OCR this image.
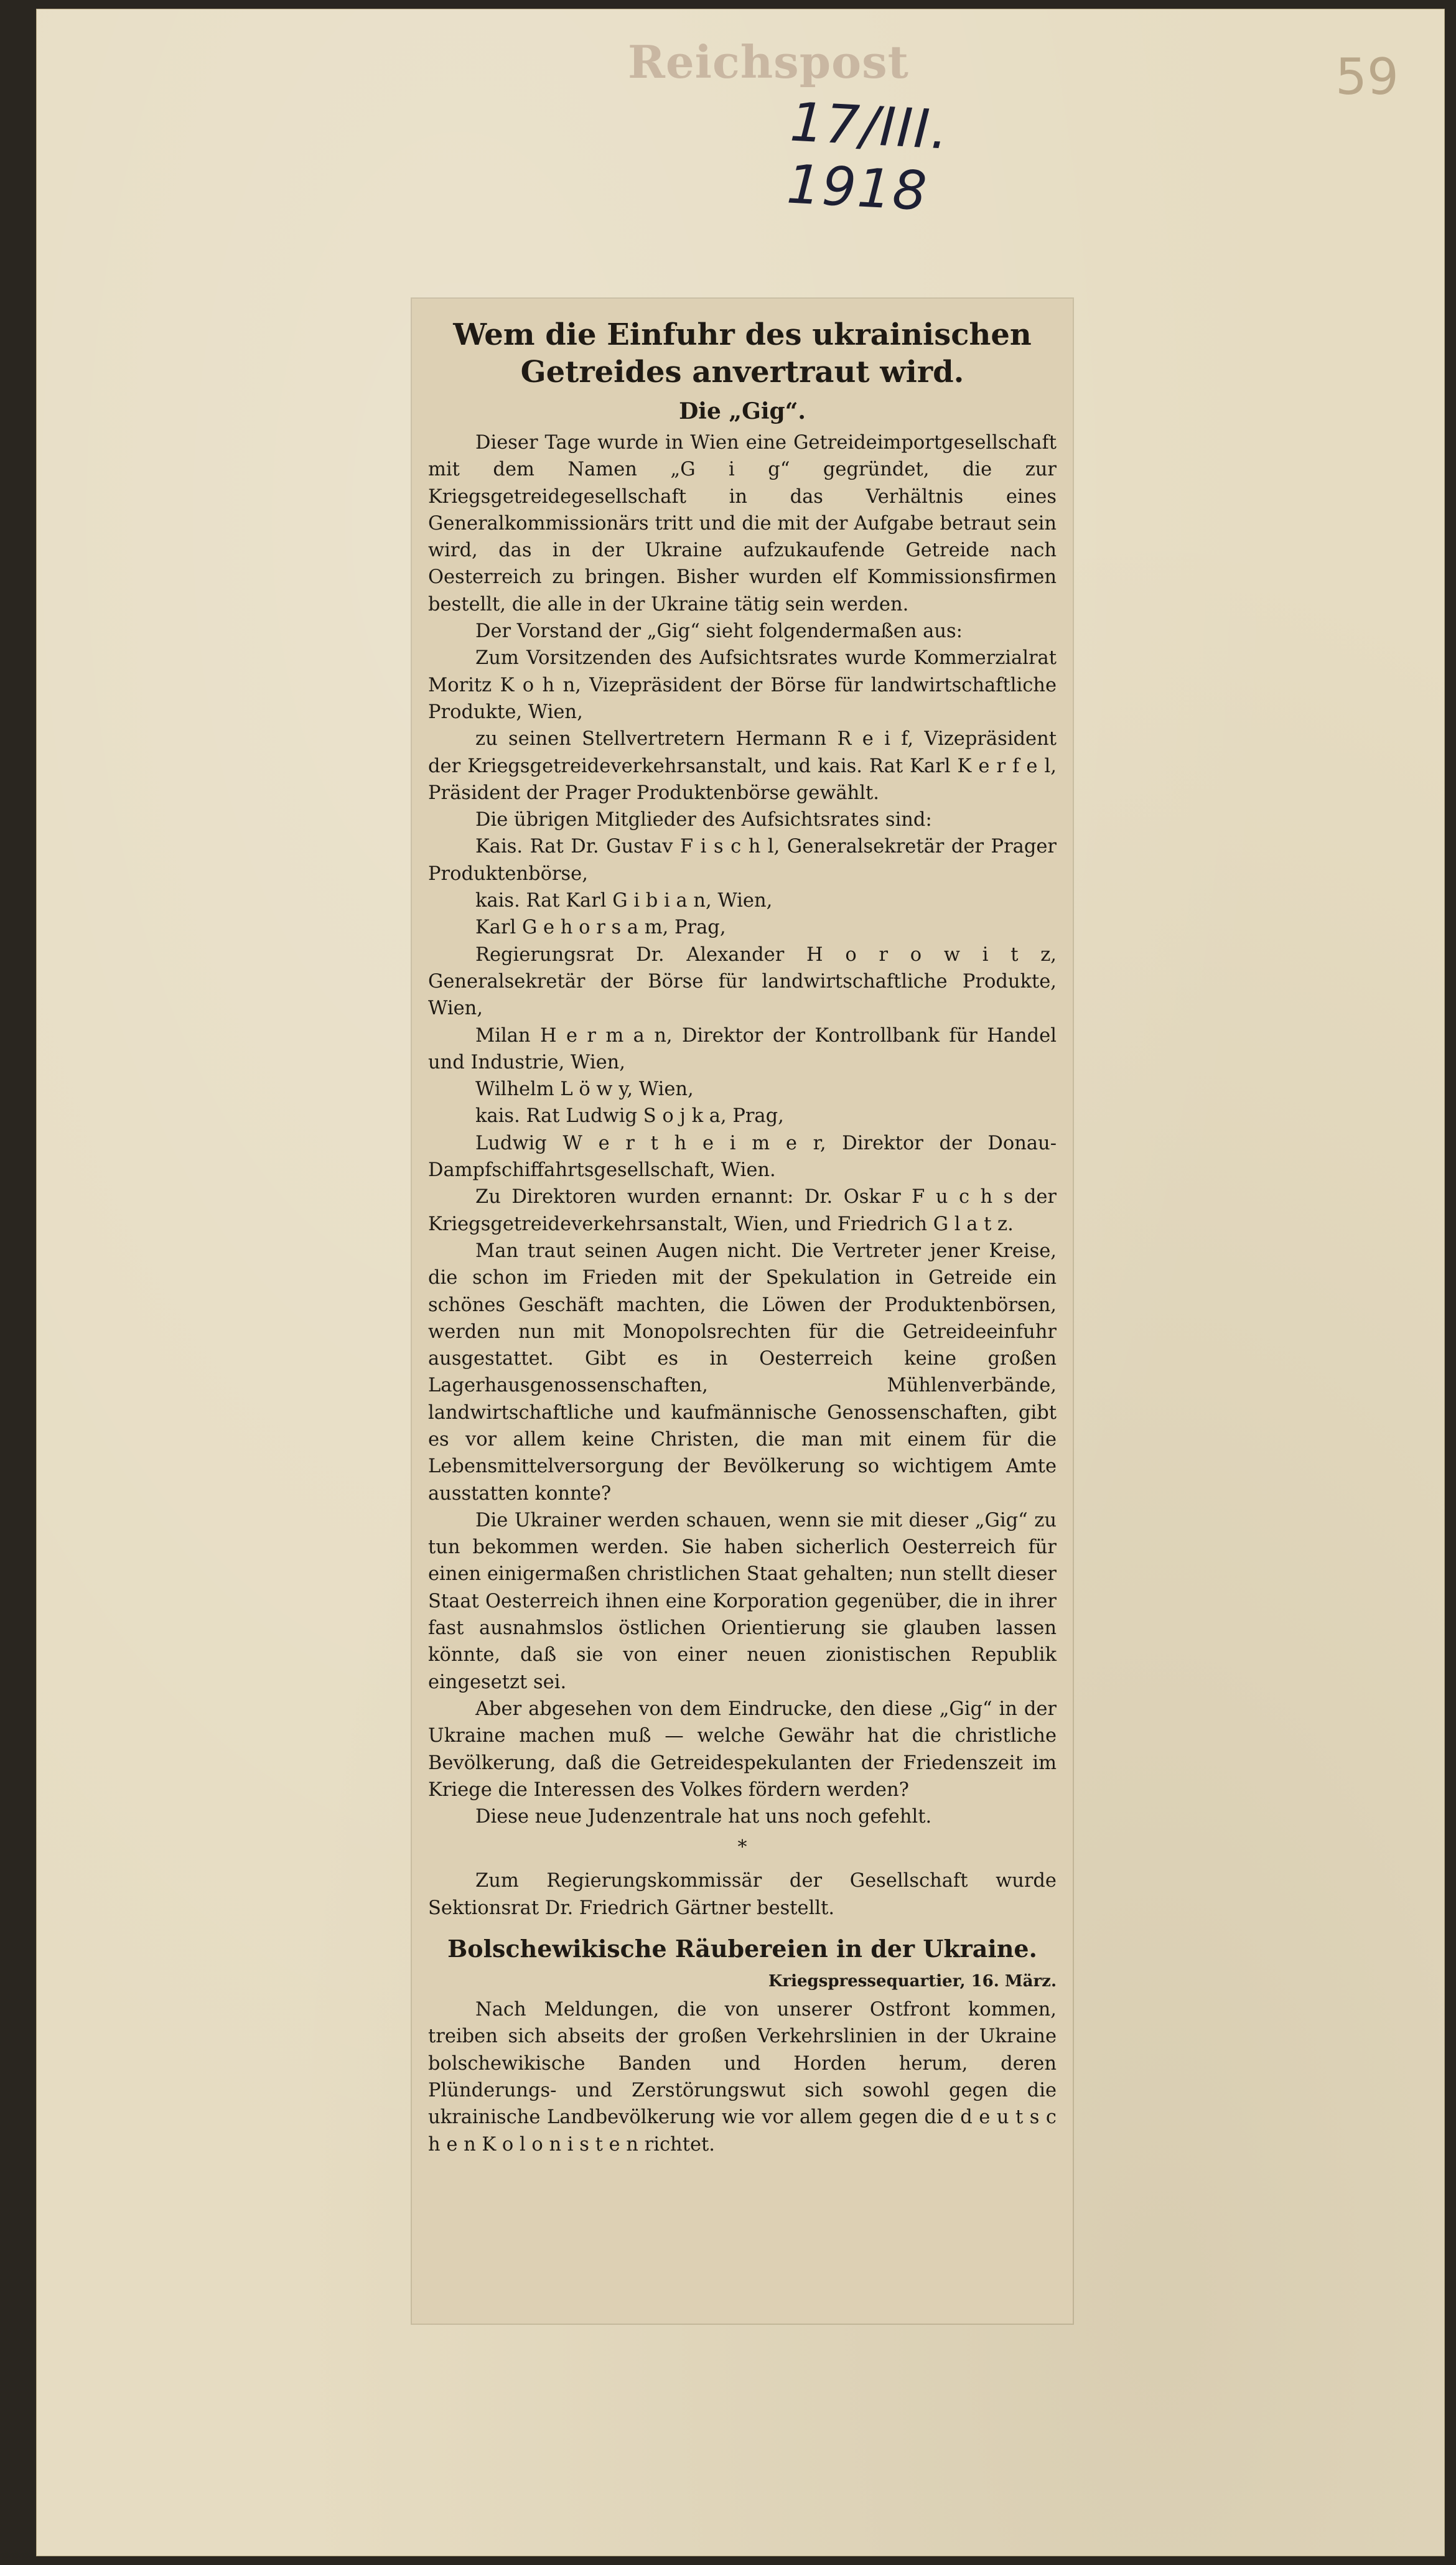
Reichspost
17/III. 1918
59
Wem die Einfuhr des ukrainischen Getreides anvertraut wird.
Die „Gig“.

Dieser Tage wurde in Wien eine Getreideimportgesellschaft mit dem Namen „G i g“ gegründet, die zur Kriegsgetreidegesellschaft in das Verhältnis eines Generalkommissionärs tritt und die mit der Aufgabe betraut sein wird, das in der Ukraine aufzukaufende Getreide nach Oesterreich zu bringen. Bisher wurden elf Kommissionsfirmen bestellt, die alle in der Ukraine tätig sein werden.

Der Vorstand der „Gig“ sieht folgendermaßen aus:

Zum Vorsitzenden des Aufsichtsrates wurde Kommerzialrat Moritz K o h n, Vizepräsident der Börse für landwirtschaftliche Produkte, Wien,

zu seinen Stellvertretern Hermann R e i f, Vizepräsident der Kriegsgetreideverkehrsanstalt, und kais. Rat Karl K e r f e l, Präsident der Prager Produktenbörse gewählt.

Die übrigen Mitglieder des Aufsichtsrates sind:

Kais. Rat Dr. Gustav F i s c h l, Generalsekretär der Prager Produktenbörse,

kais. Rat Karl G i b i a n, Wien,

Karl G e h o r s a m, Prag,

Regierungsrat Dr. Alexander H o r o w i t z, Generalsekretär der Börse für landwirtschaftliche Produkte, Wien,

Milan H e r m a n, Direktor der Kontrollbank für Handel und Industrie, Wien,

Wilhelm L ö w y, Wien,

kais. Rat Ludwig S o j k a, Prag,

Ludwig W e r t h e i m e r, Direktor der Donau-Dampfschiffahrtsgesellschaft, Wien.

Zu Direktoren wurden ernannt: Dr. Oskar F u c h s der Kriegsgetreideverkehrsanstalt, Wien, und Friedrich G l a t z.

Man traut seinen Augen nicht. Die Vertreter jener Kreise, die schon im Frieden mit der Spekulation in Getreide ein schönes Geschäft machten, die Löwen der Produktenbörsen, werden nun mit Monopolsrechten für die Getreideeinfuhr ausgestattet. Gibt es in Oesterreich keine großen Lagerhausgenossenschaften, Mühlenverbände, landwirtschaftliche und kaufmännische Genossenschaften, gibt es vor allem keine Christen, die man mit einem für die Lebensmittelversorgung der Bevölkerung so wichtigem Amte ausstatten konnte?

Die Ukrainer werden schauen, wenn sie mit dieser „Gig“ zu tun bekommen werden. Sie haben sicherlich Oesterreich für einen einigermaßen christlichen Staat gehalten; nun stellt dieser Staat Oesterreich ihnen eine Korporation gegenüber, die in ihrer fast ausnahmslos östlichen Orientierung sie glauben lassen könnte, daß sie von einer neuen zionistischen Republik eingesetzt sei.

Aber abgesehen von dem Eindrucke, den diese „Gig“ in der Ukraine machen muß — welche Gewähr hat die christliche Bevölkerung, daß die Getreidespekulanten der Friedenszeit im Kriege die Interessen des Volkes fördern werden?

Diese neue Judenzentrale hat uns noch gefehlt.

*

Zum Regierungskommissär der Gesellschaft wurde Sektionsrat Dr. Friedrich Gärtner bestellt.

Bolschewikische Räubereien in der Ukraine.
Kriegspressequartier, 16. März.

Nach Meldungen, die von unserer Ostfront kommen, treiben sich abseits der großen Verkehrslinien in der Ukraine bolschewikische Banden und Horden herum, deren Plünderungs- und Zerstörungswut sich sowohl gegen die ukrainische Landbevölkerung wie vor allem gegen die d e u t s c h e n K o l o n i s t e n richtet.
